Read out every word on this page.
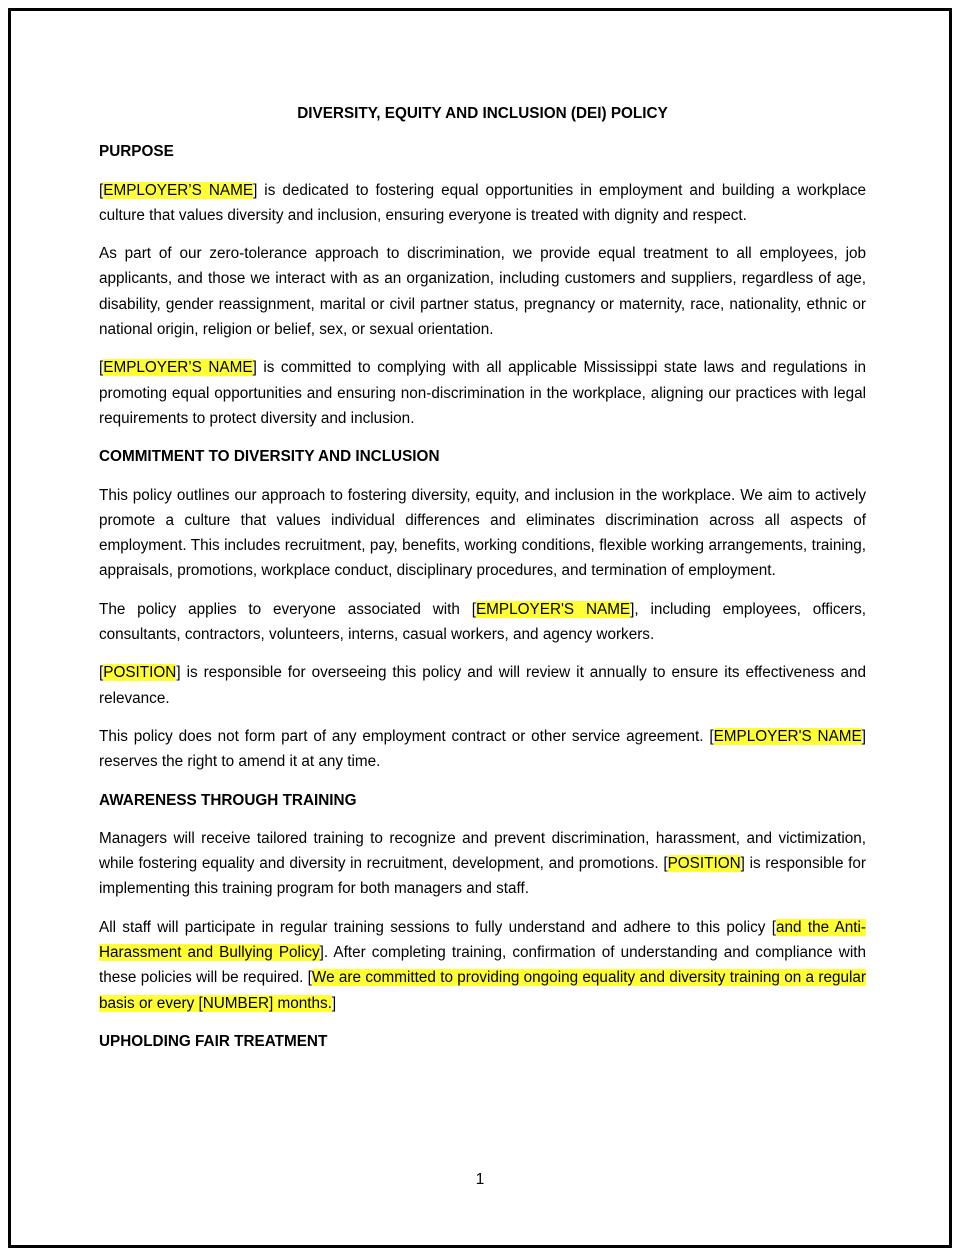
DIVERSITY, EQUITY AND INCLUSION (DEI) POLICY
PURPOSE

[EMPLOYER’S NAME] is dedicated to fostering equal opportunities in employment and building a workplace culture that values diversity and inclusion, ensuring everyone is treated with dignity and respect.

As part of our zero-tolerance approach to discrimination, we provide equal treatment to all employees, job applicants, and those we interact with as an organization, including customers and suppliers, regardless of age, disability, gender reassignment, marital or civil partner status, pregnancy or maternity, race, nationality, ethnic or national origin, religion or belief, sex, or sexual orientation.

[EMPLOYER’S NAME] is committed to complying with all applicable Mississippi state laws and regulations in promoting equal opportunities and ensuring non-discrimination in the workplace, aligning our practices with legal requirements to protect diversity and inclusion.

COMMITMENT TO DIVERSITY AND INCLUSION

This policy outlines our approach to fostering diversity, equity, and inclusion in the workplace. We aim to actively promote a culture that values individual differences and eliminates discrimination across all aspects of employment. This includes recruitment, pay, benefits, working conditions, flexible working arrangements, training, appraisals, promotions, workplace conduct, disciplinary procedures, and termination of employment.

The policy applies to everyone associated with [EMPLOYER'S NAME], including employees, officers, consultants, contractors, volunteers, interns, casual workers, and agency workers.

[POSITION] is responsible for overseeing this policy and will review it annually to ensure its effectiveness and relevance.

This policy does not form part of any employment contract or other service agreement. [EMPLOYER'S NAME] reserves the right to amend it at any time.

AWARENESS THROUGH TRAINING

Managers will receive tailored training to recognize and prevent discrimination, harassment, and victimization, while fostering equality and diversity in recruitment, development, and promotions. [POSITION] is responsible for implementing this training program for both managers and staff.

All staff will participate in regular training sessions to fully understand and adhere to this policy [and the Anti-Harassment and Bullying Policy]. After completing training, confirmation of understanding and compliance with these policies will be required. [We are committed to providing ongoing equality and diversity training on a regular basis or every [NUMBER] months.]

UPHOLDING FAIR TREATMENT
1
